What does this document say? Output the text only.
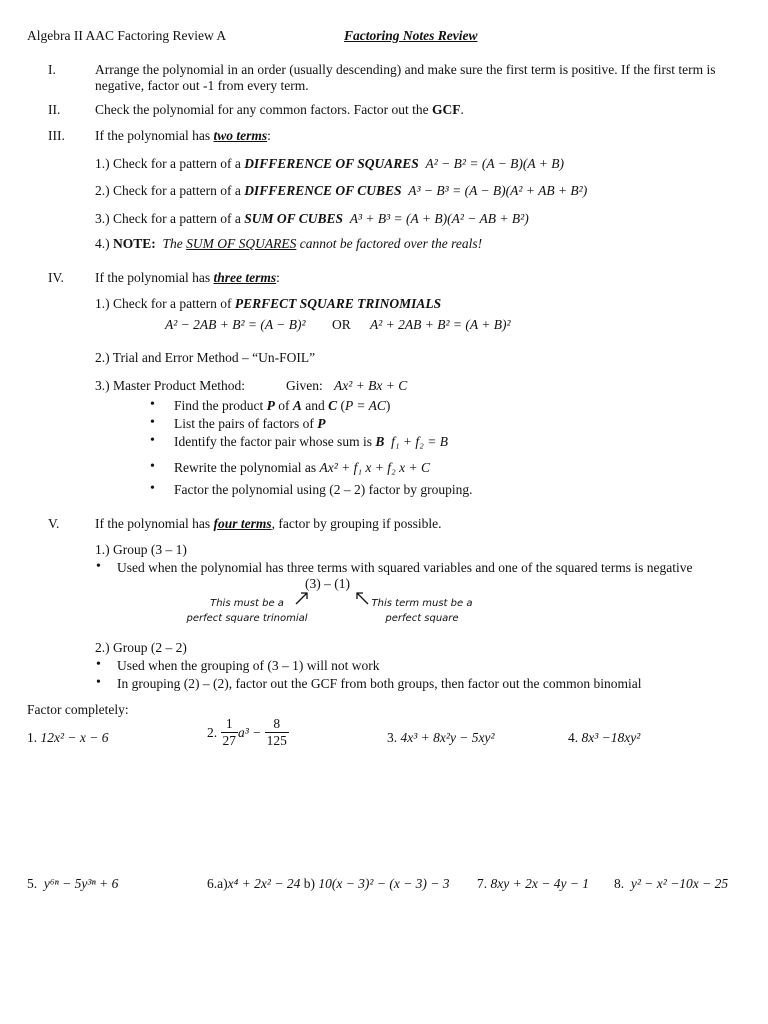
Algebra II AAC Factoring Review A	Factoring Notes Review
I.	Arrange the polynomial in an order (usually descending) and make sure the first term is positive. If the first term is negative, factor out -1 from every term.
II.	Check the polynomial for any common factors. Factor out the GCF.
III. If the polynomial has two terms:
1.) Check for a pattern of a DIFFERENCE OF SQUARES A² − B² = (A − B)(A + B)
2.) Check for a pattern of a DIFFERENCE OF CUBES A³ − B³ = (A − B)(A² + AB + B²)
3.) Check for a pattern of a SUM OF CUBES A³ + B³ = (A + B)(A² − AB + B²)
4.) NOTE: The SUM OF SQUARES cannot be factored over the reals!
IV. If the polynomial has three terms:
1.) Check for a pattern of PERFECT SQUARE TRINOMIALS
A² − 2AB + B² = (A − B)² OR A² + 2AB + B² = (A + B)²
2.) Trial and Error Method – “Un-FOIL”
3.) Master Product Method:	Given: Ax² + Bx + C
• Find the product P of A and C (P = AC)
• List the pairs of factors of P
• Identify the factor pair whose sum is B f₁ + f₂ = B
• Rewrite the polynomial as Ax² + f₁ x + f₂ x + C
• Factor the polynomial using (2 – 2) factor by grouping.
V.	If the polynomial has four terms, factor by grouping if possible.
1.) Group (3 – 1)
• Used when the polynomial has three terms with squared variables and one of the squared terms is negative
(3) – (1)
This must be a
perfect square trinomial
This term must be a
perfect square
2.) Group (2 – 2)
• Used when the grouping of (3 – 1) will not work
• In grouping (2) – (2), factor out the GCF from both groups, then factor out the common binomial
Factor completely:
1. 12x² − x − 6	2. $\frac{1}{27} a^3 - \frac{8}{125}$	3. 4x³ + 8x²y − 5xy²	4. 8x³ −18xy²
5. y⁶ⁿ − 5y³ⁿ + 6	6.a)x⁴ + 2x² − 24 b) 10(x − 3)² − (x − 3) − 3 7. 8xy + 2x − 4y − 1 8. y² − x² −10x − 25
